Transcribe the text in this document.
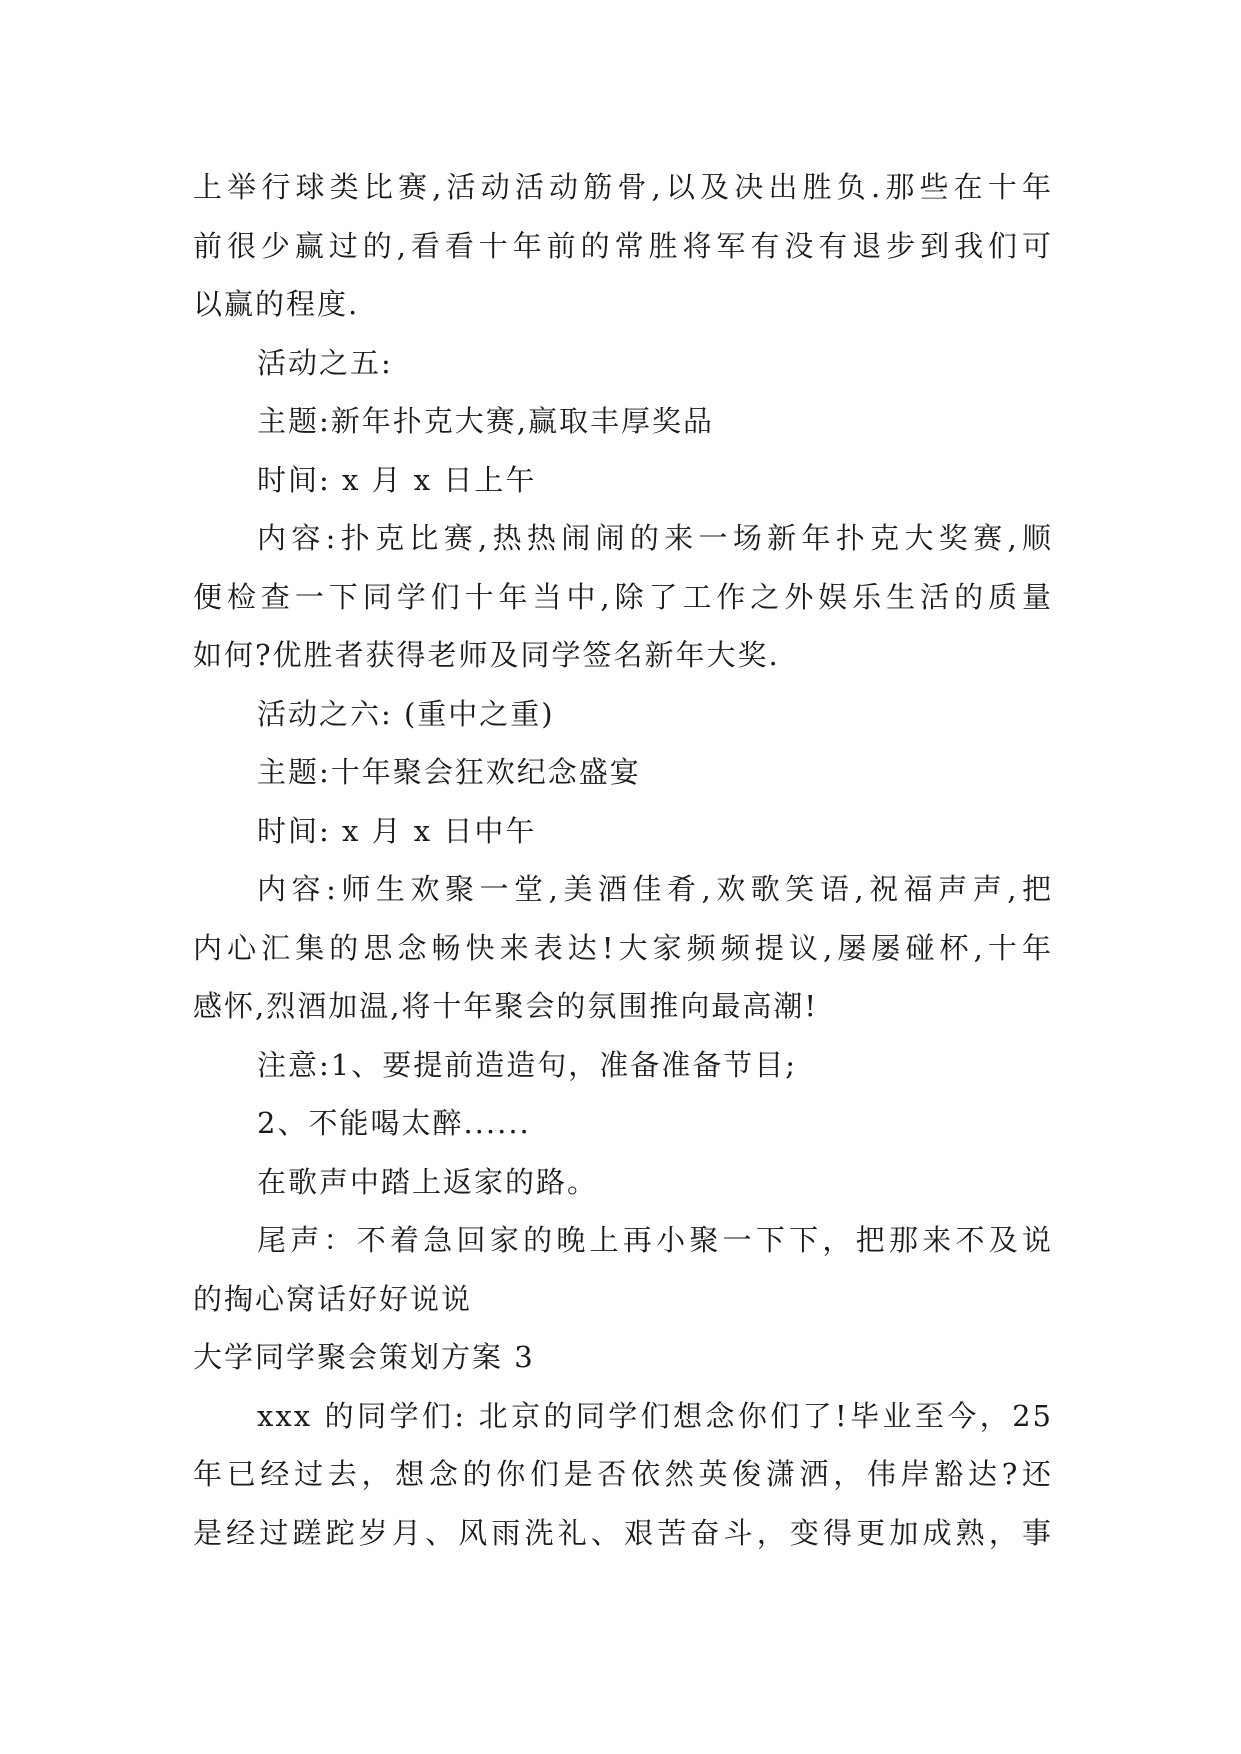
上举行球类比赛,活动活动筋骨,以及决出胜负.那些在十年
前很少赢过的,看看十年前的常胜将军有没有退步到我们可
以赢的程度.
活动之五:
主题:新年扑克大赛,赢取丰厚奖品
时间: x 月 x 日上午
内容:扑克比赛,热热闹闹的来一场新年扑克大奖赛,顺
便检查一下同学们十年当中,除了工作之外娱乐生活的质量
如何?优胜者获得老师及同学签名新年大奖.
活动之六: (重中之重)
主题:十年聚会狂欢纪念盛宴
时间: x 月 x 日中午
内容:师生欢聚一堂,美酒佳肴,欢歌笑语,祝福声声,把
内心汇集的思念畅快来表达!大家频频提议,屡屡碰杯,十年
感怀,烈酒加温,将十年聚会的氛围推向最高潮!
注意:1、要提前造造句，准备准备节目;
2、不能喝太醉......
在歌声中踏上返家的路。
尾声：不着急回家的晚上再小聚一下下，把那来不及说
的掏心窝话好好说说
大学同学聚会策划方案 3
xxx 的同学们: 北京的同学们想念你们了!毕业至今，25
年已经过去，想念的你们是否依然英俊潇洒，伟岸豁达?还
是经过蹉跎岁月、风雨洗礼、艰苦奋斗，变得更加成熟，事
